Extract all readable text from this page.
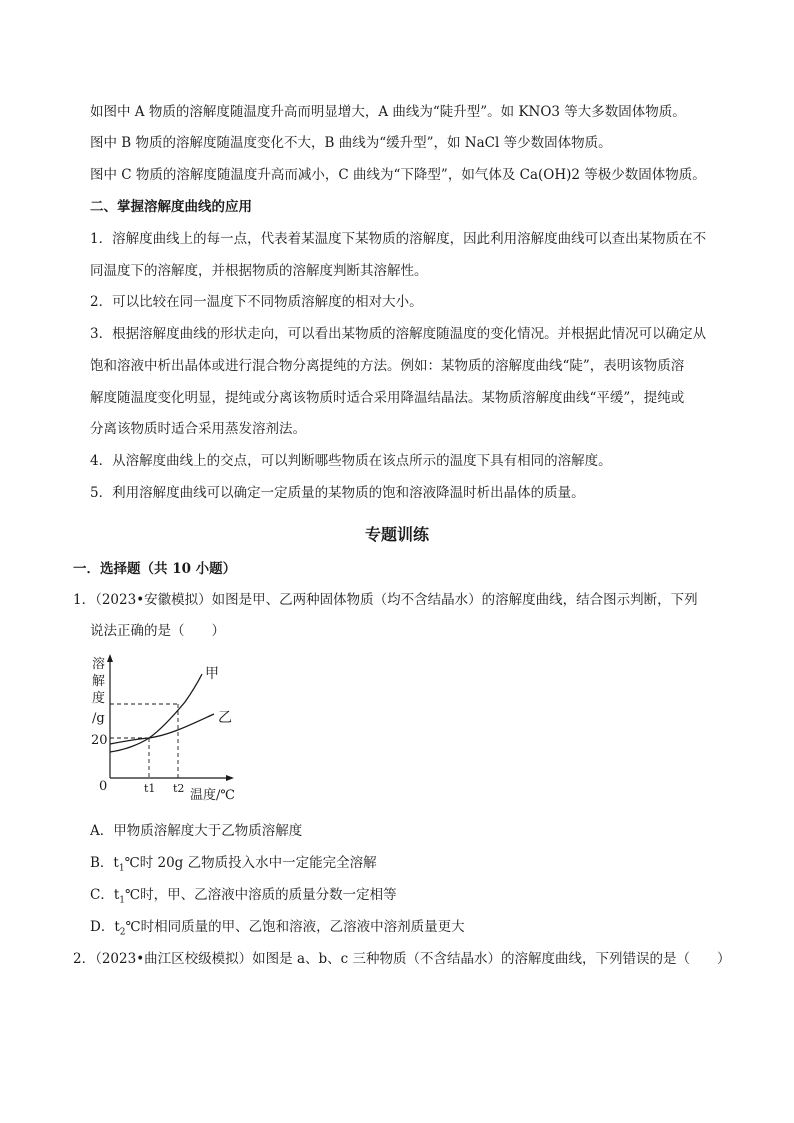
如图中 A 物质的溶解度随温度升高而明显增大，A 曲线为“陡升型”。如 KNO3 等大多数固体物质。
图中 B 物质的溶解度随温度变化不大，B 曲线为“缓升型”，如 NaCl 等少数固体物质。
图中 C 物质的溶解度随温度升高而减小，C 曲线为“下降型”，如气体及 Ca(OH)2 等极少数固体物质。
二、掌握溶解度曲线的应用
1．溶解度曲线上的每一点，代表着某温度下某物质的溶解度，因此利用溶解度曲线可以查出某物质在不
同温度下的溶解度，并根据物质的溶解度判断其溶解性。
2．可以比较在同一温度下不同物质溶解度的相对大小。
3．根据溶解度曲线的形状走向，可以看出某物质的溶解度随温度的变化情况。并根据此情况可以确定从
饱和溶液中析出晶体或进行混合物分离提纯的方法。例如：某物质的溶解度曲线“陡”，表明该物质溶
解度随温度变化明显，提纯或分离该物质时适合采用降温结晶法。某物质溶解度曲线“平缓”，提纯或
分离该物质时适合采用蒸发溶剂法。
4．从溶解度曲线上的交点，可以判断哪些物质在该点所示的温度下具有相同的溶解度。
5．利用溶解度曲线可以确定一定质量的某物质的饱和溶液降温时析出晶体的质量。
专题训练
一．选择题（共 10 小题）
1．（2023•安徽模拟）如图是甲、乙两种固体物质（均不含结晶水）的溶解度曲线，结合图示判断，下列
说法正确的是（　　）
溶
解
度
/g
20
0	t1 t2 温度/℃
甲
乙
A．甲物质溶解度大于乙物质溶解度
B．$t_1℃$时 20g 乙物质投入水中一定能完全溶解
C．$t_1℃$时，甲、乙溶液中溶质的质量分数一定相等
D．$t_2℃$时相同质量的甲、乙饱和溶液，乙溶液中溶剂质量更大
2．（2023•曲江区校级模拟）如图是 a、b、c 三种物质（不含结晶水）的溶解度曲线，下列错误的是（　　）
